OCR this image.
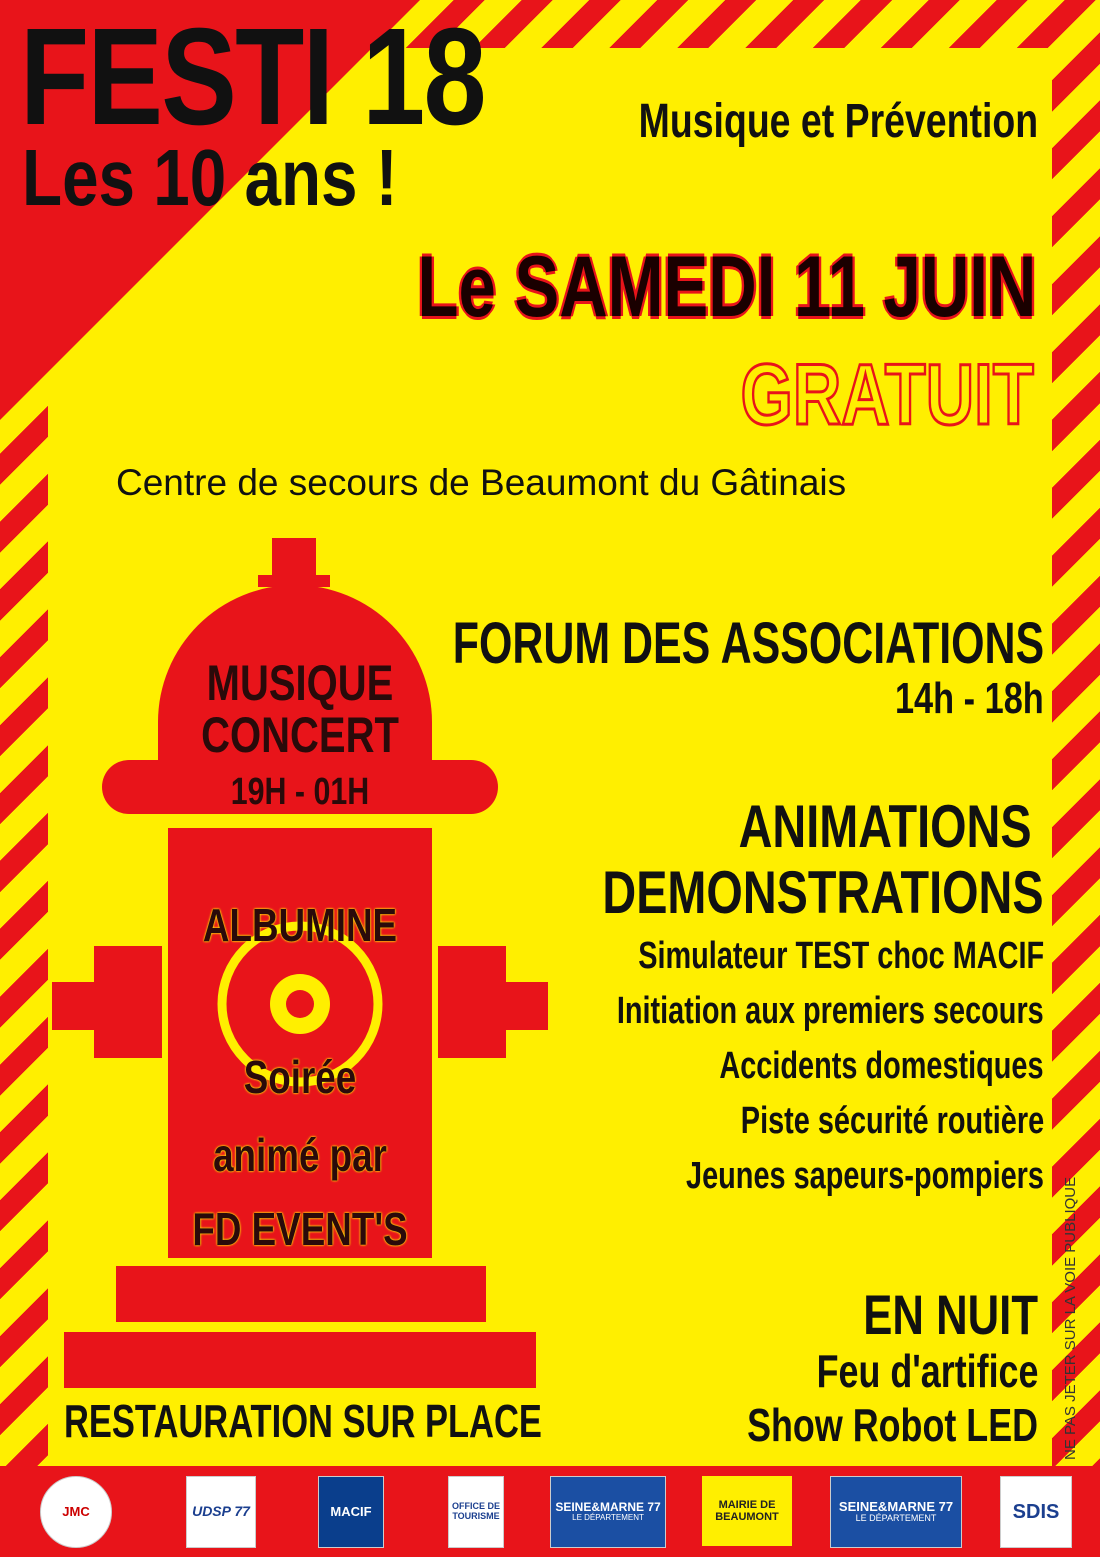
FESTI 18
Les 10 ans !
Musique et Prévention
Le SAMEDI 11 JUIN
GRATUIT
Centre de secours de Beaumont du Gâtinais
MUSIQUE
CONCERT
19H - 01H
ALBUMINE
Soirée
animé par
FD EVENT'S
RESTAURATION SUR PLACE
FORUM DES ASSOCIATIONS
14h - 18h
ANIMATIONS
DEMONSTRATIONS
Simulateur TEST choc MACIF
Initiation aux premiers secours
Accidents domestiques
Piste sécurité routière
Jeunes sapeurs-pompiers
EN NUIT
Feu d'artifice
Show Robot LED NE PAS JETER SUR LA VOIE PUBLIQUE
JMC	UDSP 77	MACIF	OFFICE DE TOURISME
SEINE&MARNE 77
LE DÉPARTEMENT
MAIRIE DE BEAUMONT
SEINE&MARNE 77
LE DÉPARTEMENT	SDIS
